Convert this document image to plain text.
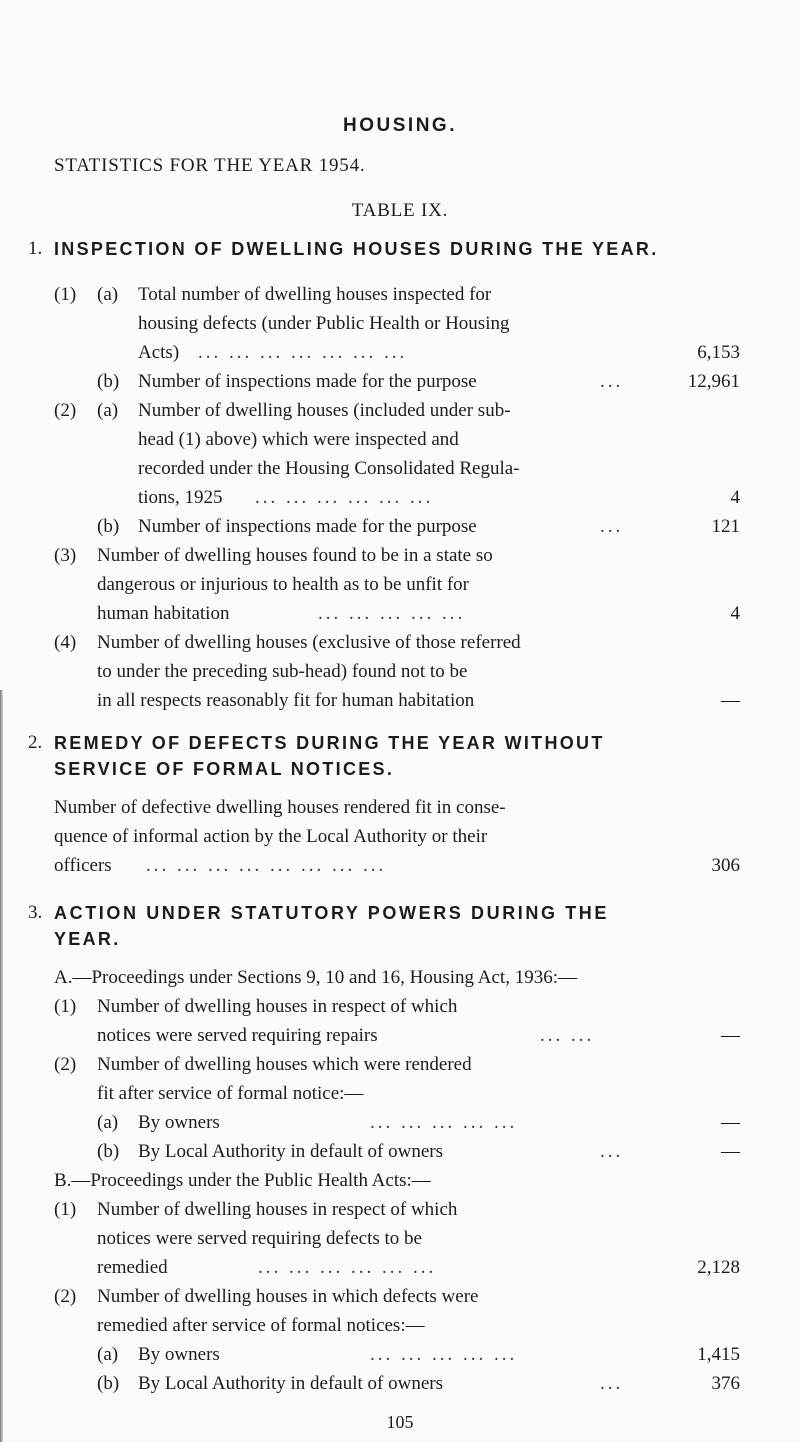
HOUSING.
STATISTICS FOR THE YEAR 1954.
TABLE IX.
1. INSPECTION OF DWELLING HOUSES DURING THE YEAR.
(1) (a) Total number of dwelling houses inspected for
housing defects (under Public Health or Housing
Acts) ... ... ... ... ... ... ...	6,153
(b) Number of inspections made for the purpose	...	12,961
(2) (a) Number of dwelling houses (included under sub-
head (1) above) which were inspected and
recorded under the Housing Consolidated Regula-
tions, 1925 ... ... ... ... ... ...	4
(b) Number of inspections made for the purpose	...	121
(3) Number of dwelling houses found to be in a state so
dangerous or injurious to health as to be unfit for
human habitation	... ... ... ... ...	4
(4) Number of dwelling houses (exclusive of those referred
to under the preceding sub-head) found not to be
in all respects reasonably fit for human habitation	—
2. REMEDY OF DEFECTS DURING THE YEAR WITHOUT
SERVICE OF FORMAL NOTICES.
Number of defective dwelling houses rendered fit in conse-
quence of informal action by the Local Authority or their
officers ... ... ... ... ... ... ... ...	306
3. ACTION UNDER STATUTORY POWERS DURING THE
YEAR.
A.—Proceedings under Sections 9, 10 and 16, Housing Act, 1936:—
(1) Number of dwelling houses in respect of which
notices were served requiring repairs	... ...	—
(2) Number of dwelling houses which were rendered
fit after service of formal notice:—
(a) By owners	... ... ... ... ...	—
(b) By Local Authority in default of owners	...	—
B.—Proceedings under the Public Health Acts:—
(1) Number of dwelling houses in respect of which
notices were served requiring defects to be
remedied	... ... ... ... ... ...	2,128
(2) Number of dwelling houses in which defects were
remedied after service of formal notices:—
(a) By owners	... ... ... ... ...	1,415
(b) By Local Authority in default of owners	...	376
105
